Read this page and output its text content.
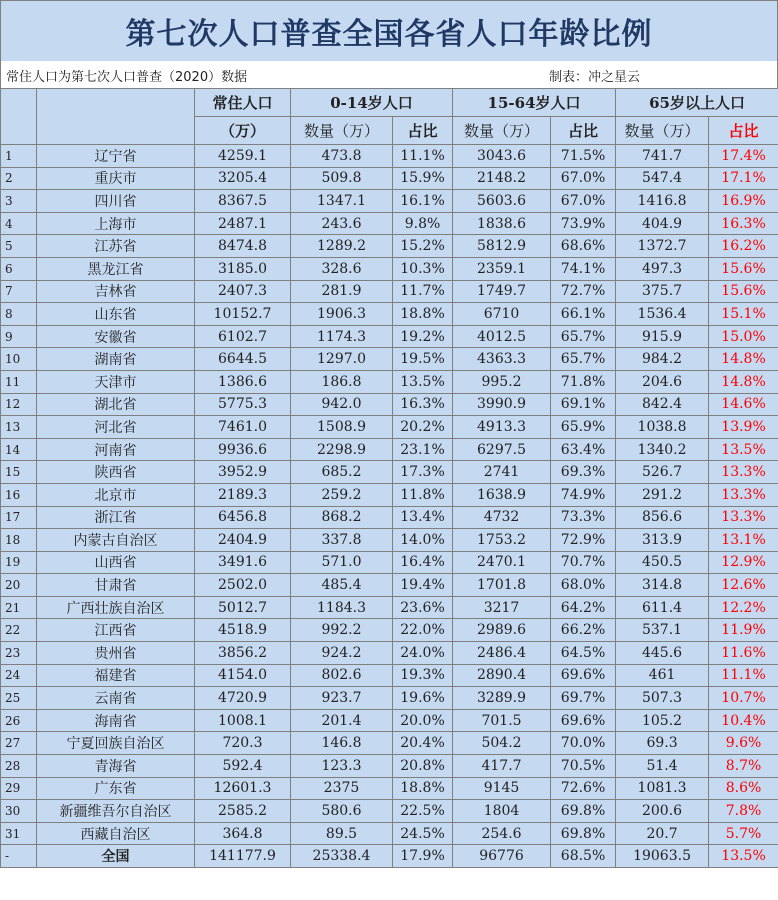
第七次人口普查全国各省人口年龄比例
常住人口为第七次人口普查（2020）数据	制表：冲之星云
		常住人口	0-14岁人口		15-64岁人口		65岁以上人口	
		（万）	数量（万）	占比	数量（万）	占比	数量（万）	占比
1	辽宁省	4259.1	473.8	11.1%	3043.6	71.5%	741.7	17.4%
2	重庆市	3205.4	509.8	15.9%	2148.2	67.0%	547.4	17.1%
3	四川省	8367.5	1347.1	16.1%	5603.6	67.0%	1416.8	16.9%
4	上海市	2487.1	243.6	9.8%	1838.6	73.9%	404.9	16.3%
5	江苏省	8474.8	1289.2	15.2%	5812.9	68.6%	1372.7	16.2%
6	黑龙江省	3185.0	328.6	10.3%	2359.1	74.1%	497.3	15.6%
7	吉林省	2407.3	281.9	11.7%	1749.7	72.7%	375.7	15.6%
8	山东省	10152.7	1906.3	18.8%	6710	66.1%	1536.4	15.1%
9	安徽省	6102.7	1174.3	19.2%	4012.5	65.7%	915.9	15.0%
10	湖南省	6644.5	1297.0	19.5%	4363.3	65.7%	984.2	14.8%
11	天津市	1386.6	186.8	13.5%	995.2	71.8%	204.6	14.8%
12	湖北省	5775.3	942.0	16.3%	3990.9	69.1%	842.4	14.6%
13	河北省	7461.0	1508.9	20.2%	4913.3	65.9%	1038.8	13.9%
14	河南省	9936.6	2298.9	23.1%	6297.5	63.4%	1340.2	13.5%
15	陕西省	3952.9	685.2	17.3%	2741	69.3%	526.7	13.3%
16	北京市	2189.3	259.2	11.8%	1638.9	74.9%	291.2	13.3%
17	浙江省	6456.8	868.2	13.4%	4732	73.3%	856.6	13.3%
18	内蒙古自治区	2404.9	337.8	14.0%	1753.2	72.9%	313.9	13.1%
19	山西省	3491.6	571.0	16.4%	2470.1	70.7%	450.5	12.9%
20	甘肃省	2502.0	485.4	19.4%	1701.8	68.0%	314.8	12.6%
21	广西壮族自治区	5012.7	1184.3	23.6%	3217	64.2%	611.4	12.2%
22	江西省	4518.9	992.2	22.0%	2989.6	66.2%	537.1	11.9%
23	贵州省	3856.2	924.2	24.0%	2486.4	64.5%	445.6	11.6%
24	福建省	4154.0	802.6	19.3%	2890.4	69.6%	461	11.1%
25	云南省	4720.9	923.7	19.6%	3289.9	69.7%	507.3	10.7%
26	海南省	1008.1	201.4	20.0%	701.5	69.6%	105.2	10.4%
27	宁夏回族自治区	720.3	146.8	20.4%	504.2	70.0%	69.3	9.6%
28	青海省	592.4	123.3	20.8%	417.7	70.5%	51.4	8.7%
29	广东省	12601.3	2375	18.8%	9145	72.6%	1081.3	8.6%
30	新疆维吾尔自治区	2585.2	580.6	22.5%	1804	69.8%	200.6	7.8%
31	西藏自治区	364.8	89.5	24.5%	254.6	69.8%	20.7	5.7%
-	全国	141177.9	25338.4	17.9%	96776	68.5%	19063.5	13.5%
